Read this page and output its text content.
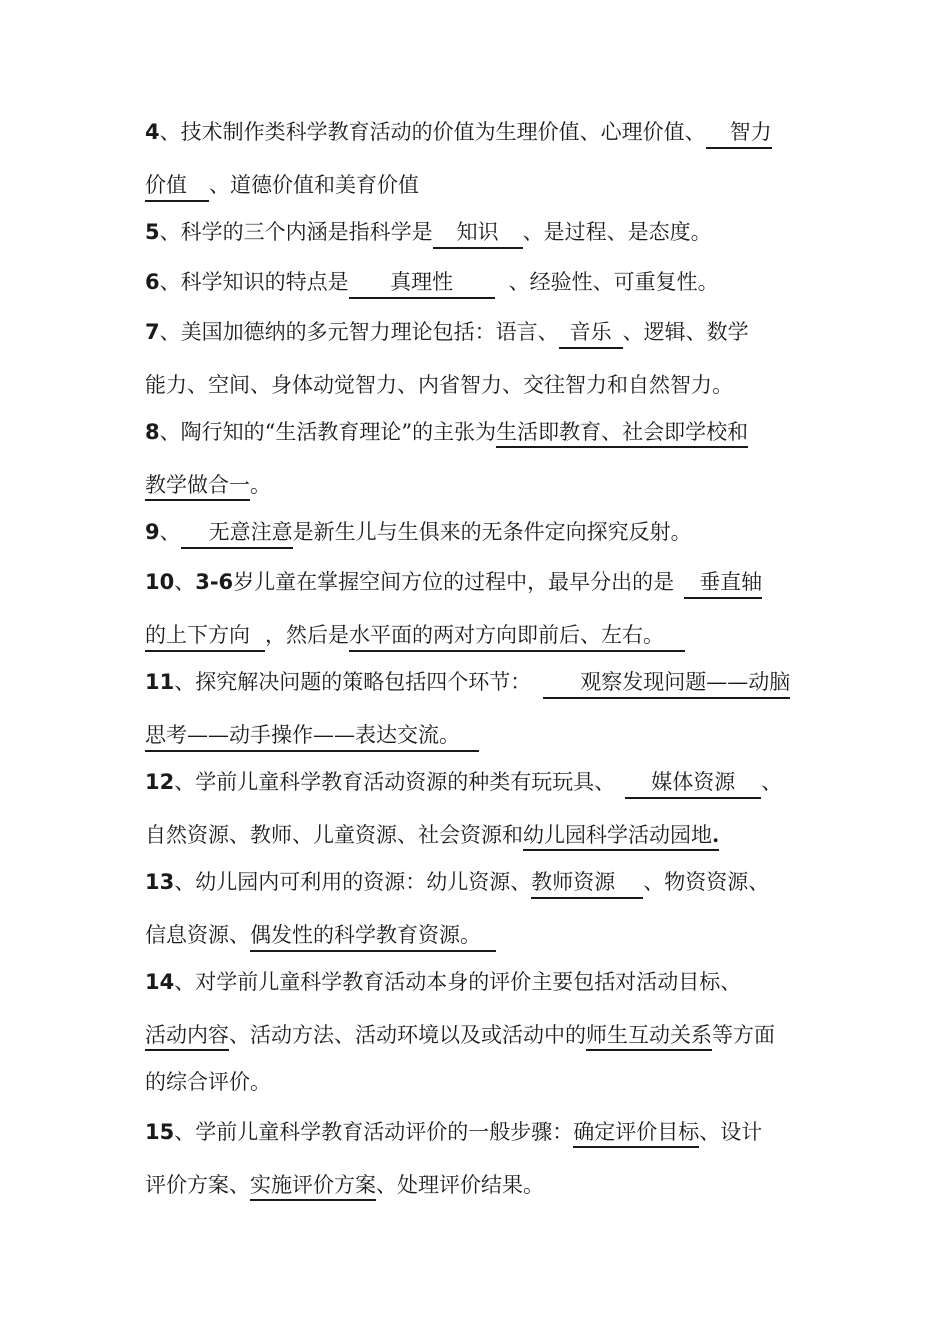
4、技术制作类科学教育活动的价值为生理价值、心理价值、 智力
价值 、道德价值和美育价值
5、科学的三个内涵是指科学是 知识 、是过程、是态度。
6、科学知识的特点是 真理性	、经验性、可重复性。
7、美国加德纳的多元智力理论包括：语言、 音乐 、逻辑、数学
能力、空间、身体动觉智力、内省智力、交往智力和自然智力。
8、陶行知的“生活教育理论”的主张为生活即教育、社会即学校和
教学做合一。
9、 无意注意是新生儿与生俱来的无条件定向探究反射。
10、3-6岁儿童在掌握空间方位的过程中，最早分出的是 垂直轴
的上下方向 ，然后是水平面的两对方向即前后、左右。
11、探究解决问题的策略包括四个环节： 观察发现问题——动脑
思考——动手操作——表达交流。
12、学前儿童科学教育活动资源的种类有玩玩具、 媒体资源 、
自然资源、教师、儿童资源、社会资源和幼儿园科学活动园地.
13、幼儿园内可利用的资源：幼儿资源、教师资源 、物资资源、
信息资源、偶发性的科学教育资源。
14、对学前儿童科学教育活动本身的评价主要包括对活动目标、
活动内容、活动方法、活动环境以及或活动中的师生互动关系等方面
的综合评价。
15、学前儿童科学教育活动评价的一般步骤：确定评价目标、设计
评价方案、实施评价方案、处理评价结果。
